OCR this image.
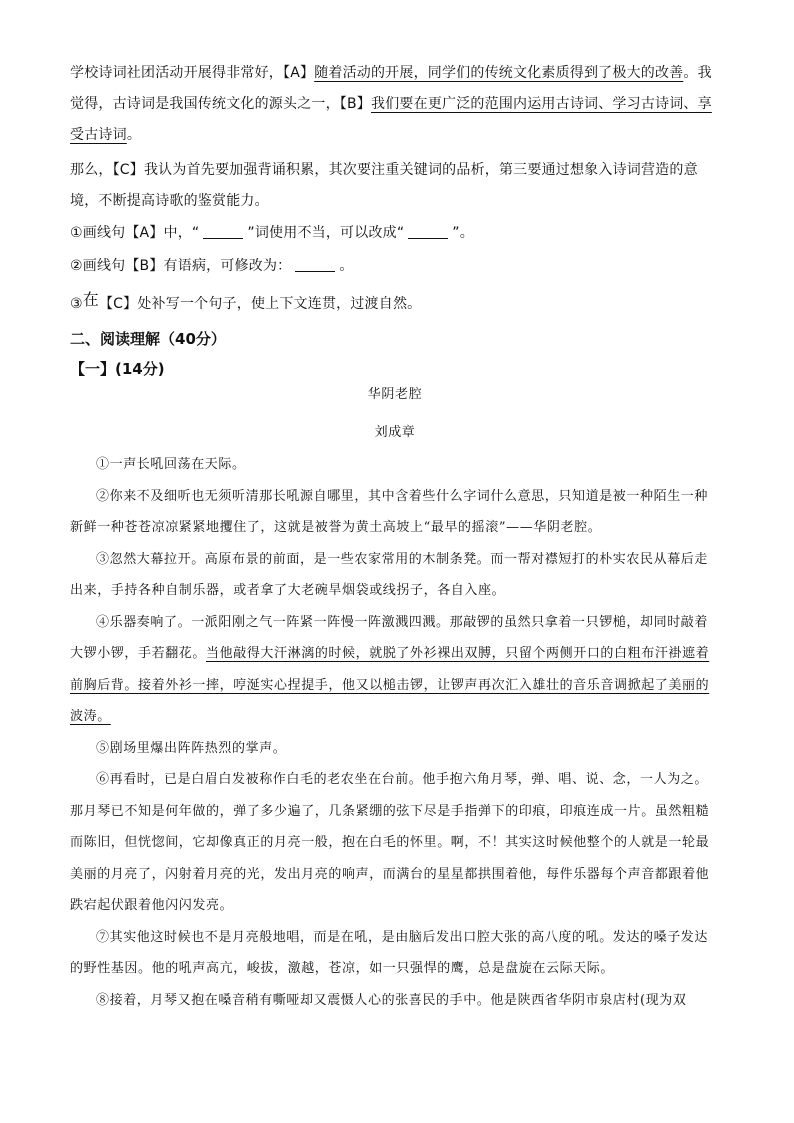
学校诗词社团活动开展得非常好，【A】随着活动的开展，同学们的传统文化素质得到了极大的改善。我觉得，古诗词是我国传统文化的源头之一，【B】我们要在更广泛的范围内运用古诗词、学习古诗词、享受古诗词。
那么，【C】我认为首先要加强背诵积累，其次要注重关键词的品析，第三要通过想象入诗词营造的意境，不断提高诗歌的鉴赏能力。
①画线句【A】中，“	”词使用不当，可以改成“	”。
②画线句【B】有语病，可修改为：	。
③在【C】处补写一个句子，使上下文连贯，过渡自然。
二、阅读理解（40分）
【一】(14分)
华阴老腔
刘成章

①一声长吼回荡在天际。

②你来不及细听也无须听清那长吼源自哪里，其中含着些什么字词什么意思，只知道是被一种陌生一种新鲜一种苍苍凉凉紧紧地攫住了，这就是被誉为黄土高坡上“最早的摇滚”——华阴老腔。

③忽然大幕拉开。高原布景的前面，是一些农家常用的木制条凳。而一帮对襟短打的朴实农民从幕后走出来，手持各种自制乐器，或者拿了大老碗旱烟袋或线拐子，各自入座。

④乐器奏响了。一派阳刚之气一阵紧一阵慢一阵激溅四溅。那敲锣的虽然只拿着一只锣槌，却同时敲着大锣小锣，手若翻花。当他敲得大汗淋漓的时候，就脱了外衫裸出双膊，只留个两侧开口的白粗布汗褂遮着前胸后背。接着外衫一摔，哼涎实心捏提手，他又以槌击锣，让锣声再次汇入雄壮的音乐音调掀起了美丽的波涛。

⑤剧场里爆出阵阵热烈的掌声。

⑥再看时，已是白眉白发被称作白毛的老农坐在台前。他手抱六角月琴，弹、唱、说、念，一人为之。那月琴已不知是何年做的，弹了多少遍了，几条紧绷的弦下尽是手指弹下的印痕，印痕连成一片。虽然粗糙而陈旧，但恍惚间，它却像真正的月亮一般，抱在白毛的怀里。啊，不！其实这时候他整个的人就是一轮最美丽的月亮了，闪射着月亮的光，发出月亮的响声，而满台的星星都拱围着他，每件乐器每个声音都跟着他跌宕起伏跟着他闪闪发亮。

⑦其实他这时候也不是月亮般地唱，而是在吼，是由脑后发出口腔大张的高八度的吼。发达的嗓子发达的野性基因。他的吼声高亢，峻拔，激越，苍凉，如一只强悍的鹰，总是盘旋在云际天际。

⑧接着，月琴又抱在嗓音稍有嘶哑却又震慑人心的张喜民的手中。他是陕西省华阴市泉店村(现为双
